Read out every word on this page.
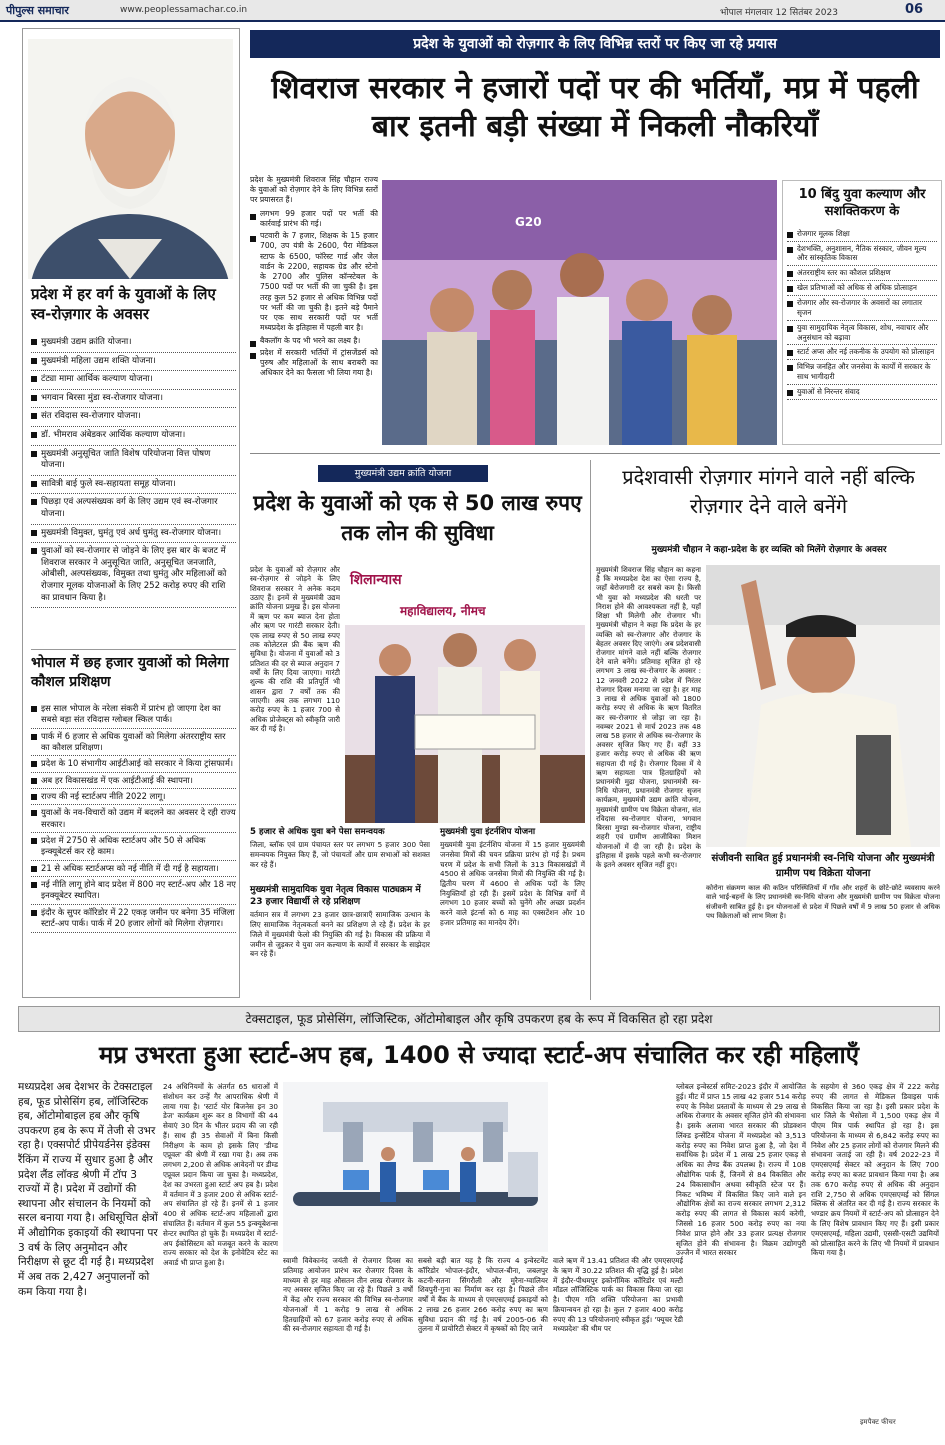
पीपुल्स समाचार	www.peoplessamachar.co.in	भोपाल मंगलवार 12 सितंबर 2023	06
प्रदेश में हर वर्ग के युवाओं के लिए स्व-रोज़गार के अवसर
मुख्यमंत्री उद्यम क्रांति योजना।
मुख्यमंत्री महिला उद्यम शक्ति योजना।
टंट्या मामा आर्थिक कल्याण योजना।
भगवान बिरसा मुंडा स्व-रोजगार योजना।
संत रविदास स्व-रोजगार योजना।
डॉ. भीमराव अंबेडकर आर्थिक कल्याण योजना।
मुख्यमंत्री अनुसूचित जाति विशेष परियोजना वित्त पोषण योजना।
सावित्री बाई फुले स्व-सहायता समूह योजना।
पिछड़ा एवं अल्पसंख्यक वर्ग के लिए उद्यम एवं स्व-रोजगार योजना।
मुख्यमंत्री विमुक्त, घुमंतु एवं अर्ध घुमंतु स्व-रोजगार योजना।
युवाओं को स्व-रोजगार से जोड़ने के लिए इस बार के बजट में शिवराज सरकार ने अनुसूचित जाति, अनुसूचित जनजाति, ओबीसी, अल्पसंख्यक, विमुक्त तथा घुमंतु और महिलाओं को रोजगार मूलक योजनाओं के लिए 252 करोड़ रुपए की राशि का प्रावधान किया है।
भोपाल में छह हजार युवाओं को मिलेगा कौशल प्रशिक्षण
इस साल भोपाल के नरेला संकरी में प्रारंभ हो जाएगा देश का सबसे बड़ा संत रविदास ग्लोबल स्किल पार्क।
पार्क में 6 हजार से अधिक युवाओं को मिलेगा अंतरराष्ट्रीय स्तर का कौशल प्रशिक्षण।
प्रदेश के 10 संभागीय आईटीआई को सरकार ने किया ट्रांसफार्म।
अब हर विकासखंड में एक आईटीआई की स्थापना।
राज्य की नई स्टार्टअप नीति 2022 लागू।
युवाओं के नव-विचारों को उद्यम में बदलने का अवसर दे रही राज्य सरकार।
प्रदेश में 2750 से अधिक स्टार्टअप और 50 से अधिक इन्क्यूबेटर्स कर रहे काम।
21 से अधिक स्टार्टअप्स को नई नीति में दी गई है सहायता।
नई नीति लागू होने बाद प्रदेश में 800 नए स्टार्ट-अप और 18 नए इनक्यूबेटर स्थापित।
इंदौर के सुपर कॉरिडोर में 22 एकड़ जमीन पर बनेगा 35 मंजिला स्टार्ट-अप पार्क। पार्क में 20 हजार लोगों को मिलेगा रोज़गार।
प्रदेश के युवाओं को रोज़गार के लिए विभिन्न स्तरों पर किए जा रहे प्रयास
शिवराज सरकार ने हजारों पदों पर की भर्तियाँ, मप्र में पहली बार इतनी बड़ी संख्या में निकली नौकरियाँ
प्रदेश के मुख्यमंत्री शिवराज सिंह चौहान राज्य के युवाओं को रोज़गार देने के लिए विभिन्न स्तरों पर प्रयासरत हैं।
लगभग 99 हजार पदों पर भर्ती की कार्रवाई प्रारंभ की गई।
पटवारी के 7 हजार, शिक्षक के 15 हजार 700, उप यंत्री के 2600, पैरा मेडिकल स्टाफ के 6500, फॉरेस्ट गार्ड और जेल वार्डन के 2200, सहायक ग्रेड और स्टेनो के 2700 और पुलिस कॉन्स्टेबल के 7500 पदों पर भर्ती की जा चुकी है। इस तरह कुल 52 हजार से अधिक विभिन्न पदों पर भर्ती की जा चुकी है। इतने बड़े पैमाने पर एक साथ सरकारी पदों पर भर्ती मध्यप्रदेश के इतिहास में पहली बार है।
बैकलॉग के पद भी भरने का लक्ष्य है।
प्रदेश में सरकारी भर्तियों में ट्रांसजेंडर्स को पुरुष और महिलाओं के साथ बराबरी का अधिकार देने का फैसला भी लिया गया है।
G20
10 बिंदु युवा कल्याण और सशक्तिकरण के
रोजगार मूलक शिक्षा
देशभक्ति, अनुशासन, नैतिक संस्कार, जीवन मूल्य और सांस्कृतिक विकास
अंतरराष्ट्रीय स्तर का कौशल प्रशिक्षण
खेल प्रतिभाओं को अधिक से अधिक प्रोत्साहन
रोजगार और स्व-रोजगार के अवसरों का लगातार सृजन
युवा सामुदायिक नेतृत्व विकास, शोध, नवाचार और अनुसंधान को बढ़ावा
स्टार्ट अप्स और नई तकनीक के उपयोग को प्रोत्साहन
विभिन्न जनहित और जनसेवा के कार्यों में सरकार के साथ भागीदारी
युवाओं से निरन्तर संवाद
मुख्यमंत्री उद्यम क्रांति योजना
प्रदेश के युवाओं को एक से 50 लाख रुपए तक लोन की सुविधा
प्रदेश के युवाओं को रोज़गार और स्व-रोज़गार से जोड़ने के लिए शिवराज सरकार ने अनेक कदम उठाए हैं। इनमें से मुख्यमंत्री उद्यम क्रांति योजना प्रमुख है। इस योजना में ऋण पर कम ब्याज देना होता और ऋण पर गारंटी सरकार देती। एक लाख रुपए से 50 लाख रुपए तक कोलेटरल फ्री बैंक ऋण की सुविधा है। योजना में युवाओं को 3 प्रतिशत की दर से ब्याज अनुदान 7 वर्षों के लिए दिया जाएगा। गारंटी शुल्क की राशि की प्रतिपूर्ति भी शासन द्वारा 7 वर्षों तक की जाएगी। अब तक लगभग 110 करोड़ रुपए के 1 हजार 700 से अधिक प्रोजेक्ट्स को स्वीकृति जारी कर दी गई है।
शिलान्यास
महाविद्यालय, नीमच
5 हजार से अधिक युवा बने पेसा समन्वयक
जिला, ब्लॉक एवं ग्राम पंचायत स्तर पर लगभग 5 हजार 300 पेसा समन्वयक नियुक्त किए हैं, जो पंचायतों और ग्राम सभाओं को सशक्त कर रहे हैं।
मुख्यमंत्री सामुदायिक युवा नेतृत्व विकास पाठ्यक्रम में 23 हजार विद्यार्थी ले रहे प्रशिक्षण
वर्तमान सत्र में लगभग 23 हजार छात्र-छात्राएँ सामाजिक उत्थान के लिए सामाजिक नेतृत्वकर्ता बनने का प्रशिक्षण ले रहे हैं। प्रदेश के हर जिले में मुख्यमंत्री फेलो की नियुक्ति की गई है। विकास की प्रक्रिया में जमीन से जुड़कर ये युवा जन कल्याण के कार्यों में सरकार के साझेदार बन रहे हैं।
मुख्यमंत्री युवा इंटर्नशिप योजना
मुख्यमंत्री युवा इंटर्नशिप योजना में 15 हजार मुख्यमंत्री जनसेवा मित्रों की चयन प्रक्रिया प्रारंभ हो गई है। प्रथम चरण में प्रदेश के सभी जिलों के 313 विकासखंडों में 4500 से अधिक जनसेवा मित्रों की नियुक्ति की गई है। द्वितीय चरण में 4600 से अधिक पदों के लिए नियुक्तियाँ हो रही हैं। इसमें प्रदेश के विभिन्न वर्गों में लगभग 10 हजार बच्चों को चुनेंगे और अच्छा प्रदर्शन करने वाले इंटर्न्स को 6 माह का एक्सटेंशन और 10 हजार प्रतिमाह का मानदेय देंगे।
प्रदेशवासी रोज़गार मांगने वाले नहीं बल्कि रोज़गार देने वाले बनेंगे
मुख्यमंत्री चौहान ने कहा-प्रदेश के हर व्यक्ति को मिलेंगे रोज़गार के अवसर
मुख्यमंत्री शिवराज सिंह चौहान का कहना है कि मध्यप्रदेश देश का ऐसा राज्य है, जहाँ बेरोजगारी दर सबसे कम है। किसी भी युवा को मध्यप्रदेश की धरती पर निराश होने की आवश्यकता नहीं है, यहाँ शिक्षा भी मिलेगी और रोजगार भी। मुख्यमंत्री चौहान ने कहा कि प्रदेश के हर व्यक्ति को स्व-रोजगार और रोजगार के बेहतर अवसर दिए जाएंगे। अब प्रदेशवासी रोजगार मांगने वाले नहीं बल्कि रोजगार देने वाले बनेंगे। प्रतिमाह सृजित हो रहे लगभग 3 लाख स्व-रोजगार के अवसर : 12 जनवरी 2022 से प्रदेश में निरंतर रोजगार दिवस मनाया जा रहा है। हर माह 3 लाख से अधिक युवाओं को 1800 करोड़ रुपए से अधिक के ऋण वितरित कर स्व-रोजगार से जोड़ा जा रहा है। नवम्बर 2021 से मार्च 2023 तक 48 लाख 58 हजार से अधिक स्व-रोजगार के अवसर सृजित किए गए हैं। वहीं 33 हजार करोड़ रुपए से अधिक की ऋण सहायता दी गई है। रोजगार दिवस में ये ऋण सहायता पात्र हितग्राहियों को प्रधानमंत्री मुद्रा योजना, प्रधानमंत्री स्व-निधि योजना, प्रधानमंत्री रोजगार सृजन कार्यक्रम, मुख्यमंत्री उद्यम क्रांति योजना, मुख्यमंत्री ग्रामीण पथ विक्रेता योजना, संत रविदास स्व-रोजगार योजना, भगवान बिरसा मुण्डा स्व-रोजगार योजना, राष्ट्रीय शहरी एवं ग्रामीण आजीविका मिशन योजनाओं में दी जा रही है। प्रदेश के इतिहास में इसके पहले कभी स्व-रोजगार के इतने अवसर सृजित नहीं हुए।
संजीवनी साबित हुई प्रधानमंत्री स्व-निधि योजना और मुख्यमंत्री ग्रामीण पथ विक्रेता योजना
कोरोना संक्रमण काल की कठिन परिस्थितियों में गाँव और शहरों के छोटे-छोटे व्यवसाय करने वाले भाई-बहनों के लिए प्रधानमंत्री स्व-निधि योजना और मुख्यमंत्री ग्रामीण पथ विक्रेता योजना संजीवनी साबित हुई है। इन योजनाओं से प्रदेश में पिछले वर्षों में 9 लाख 50 हजार से अधिक पथ विक्रेताओं को लाभ मिला है।
टेक्सटाइल, फूड प्रोसेसिंग, लॉजिस्टिक, ऑटोमोबाइल और कृषि उपकरण हब के रूप में विकसित हो रहा प्रदेश
मप्र उभरता हुआ स्टार्ट-अप हब, 1400 से ज्यादा स्टार्ट-अप संचालित कर रही महिलाएँ
मध्यप्रदेश अब देशभर के टेक्सटाइल हब, फूड प्रोसेसिंग हब, लॉजिस्टिक हब, ऑटोमोबाइल हब और कृषि उपकरण हब के रूप में तेजी से उभर रहा है। एक्सपोर्ट प्रीपेयर्डनेस इंडेक्स रैंकिंग में राज्य में सुधार हुआ है और प्रदेश लैंड लॉक्ड श्रेणी में टॉप 3 राज्यों में है। प्रदेश में उद्योगों की स्थापना और संचालन के नियमों को सरल बनाया गया है। अधिसूचित क्षेत्रों में औद्योगिक इकाइयों की स्थापना पर 3 वर्ष के लिए अनुमोदन और निरीक्षण से छूट दी गई है। मध्यप्रदेश में अब तक 2,427 अनुपालनों को कम किया गया है।
24 अधिनियमों के अंतर्गत 65 धाराओं में संशोधन कर उन्हें गैर आपराधिक श्रेणी में लाया गया है। 'स्टार्ट योर बिजनेस इन 30 डेज' कार्यक्रम शुरू कर 8 विभागों की 44 सेवाएं 30 दिन के भीतर प्रदाय की जा रही हैं। साथ ही 35 सेवाओं में बिना किसी निरीक्षण के काम हो इसके लिए 'डीम्ड एप्रूवल' की श्रेणी में रखा गया है। अब तक लगभग 2,200 से अधिक आवेदनों पर डीम्ड एप्रूवल प्रदान किया जा चुका है। मध्यप्रदेश, देश का उभरता हुआ स्टार्ट अप हब है। प्रदेश में वर्तमान में 3 हजार 200 से अधिक स्टार्ट-अप संचालित हो रहे हैं। इनमें से 1 हजार 400 से अधिक स्टार्ट-अप महिलाओं द्वारा संचालित हैं। वर्तमान में कुल 55 इन्क्यूबेशन्स सेन्टर स्थापित हो चुके हैं। मध्यप्रदेश में स्टार्ट-अप ईकोसिस्टम को मजबूत करने के कारण राज्य सरकार को देश के इनोवेटिव स्टेट का अवार्ड भी प्राप्त हुआ है।	स्वामी विवेकानंद जयंती से रोजगार दिवस का प्रतिमाह आयोजन प्रारंभ कर रोजगार दिवस के माध्यम से हर माह औसतन तीन लाख रोजगार के नए अवसर सृजित किए जा रहे हैं। पिछले 3 वर्षों में केंद्र और राज्य सरकार की विभिन्न स्व-रोजगार योजनाओं में 1 करोड़ 9 लाख से अधिक हितग्राहियों को 67 हजार करोड़ रुपए से अधिक की स्व-रोजगार सहायता दी गई है।
सबसे बड़ी बात यह है कि राज्य 4 इन्वेस्टमेंट कॉरिडोर भोपाल-इंदौर, भोपाल-बीना, जबलपुर कटनी-सतना सिंगरौली और मुरैना-ग्वालियर शिवपुरी-गुना का निर्माण कर रहा है। पिछले तीन वर्षों में बैंक के माध्यम से एमएसएमई इकाइयों को 2 लाख 26 हजार 266 करोड़ रुपए का ऋण सुविधा प्रदान की गई है। वर्ष 2005-06 की तुलना में प्रायोरिटी सेक्टर में कृषकों को दिए जाने
वाले ऋण में 13.41 प्रतिशत की और एमएसएमई के ऋण में 30.22 प्रतिशत की वृद्धि हुई है। प्रदेश में इंदौर-पीथमपुर इकोनॉमिक कॉरिडोर एवं मल्टी मॉडल लॉजिस्टिक पार्क का विकास किया जा रहा है। पीएम गति शक्ति परियोजना का प्रभावी क्रियान्वयन हो रहा है। कुल 7 हजार 400 करोड़ रुपए की 13 परियोजनाएं स्वीकृत हुई। 'फ्यूचर रेडी मध्यप्रदेश' की थीम पर
ग्लोबल इन्वेस्टर्स समिट-2023 इंदौर में आयोजित हुई। मीट में प्राप्त 15 लाख 42 हजार 514 करोड़ रुपए के निवेश प्रस्तावों के माध्यम से 29 लाख से अधिक रोजगार के अवसर सृजित होने की संभावना है। इसके अलावा भारत सरकार की प्रोडक्शन लिंक्ड इन्सेंटिव योजना में मध्यप्रदेश को 3,513 करोड़ रुपए का निवेश प्राप्त हुआ है, जो देश में सर्वाधिक है। प्रदेश में 1 लाख 25 हजार एकड़ से अधिक का लैण्ड बैंक उपलब्ध है। राज्य में 108 औद्योगिक पार्क हैं, जिनमें से 84 विकसित और 24 विकासाधीन अथवा स्वीकृति स्टेज पर हैं। निकट भविष्य में विकसित किए जाने वाले इन औद्योगिक क्षेत्रों का राज्य सरकार लगभग 2,312 करोड़ रुपए की लागत से विकास कार्य करेगी, जिससे 16 हजार 500 करोड़ रुपए का नया निवेश प्राप्त होने और 33 हजार प्रत्यक्ष रोजगार सृजित होने की संभावना है। विक्रम उद्योगपुरी उज्जैन में भारत सरकार
के सहयोग से 360 एकड़ क्षेत्र में 222 करोड़ रुपए की लागत से मेडिकल डिवाइस पार्क विकसित किया जा रहा है। इसी प्रकार प्रदेश के धार जिले के भैसोला में 1,500 एकड़ क्षेत्र में पीएम मित्र पार्क स्थापित हो रहा है। इस परियोजना के माध्यम से 6,842 करोड़ रुपए का निवेश और 25 हजार लोगों को रोजगार मिलने की संभावना जताई जा रही है। वर्ष 2022-23 में एमएसएमई सेक्टर को अनुदान के लिए 700 करोड़ रुपए का बजट प्रावधान किया गया है। अब तक 670 करोड़ रुपए से अधिक की अनुदान राशि 2,750 से अधिक एमएसएमई को सिंगल क्लिक से अंतरित कर दी गई है। राज्य सरकार के भण्डार क्रय नियमों में स्टार्ट-अप को प्रोत्साहन देने के लिए विशेष प्रावधान किए गए हैं। इसी प्रकार एमएसएमई, महिला उद्यमी, एससी-एसटी उद्यमियों को प्रोत्साहित करने के लिए भी नियमों में प्रावधान किया गया है।
इमपैक्ट फीचर
